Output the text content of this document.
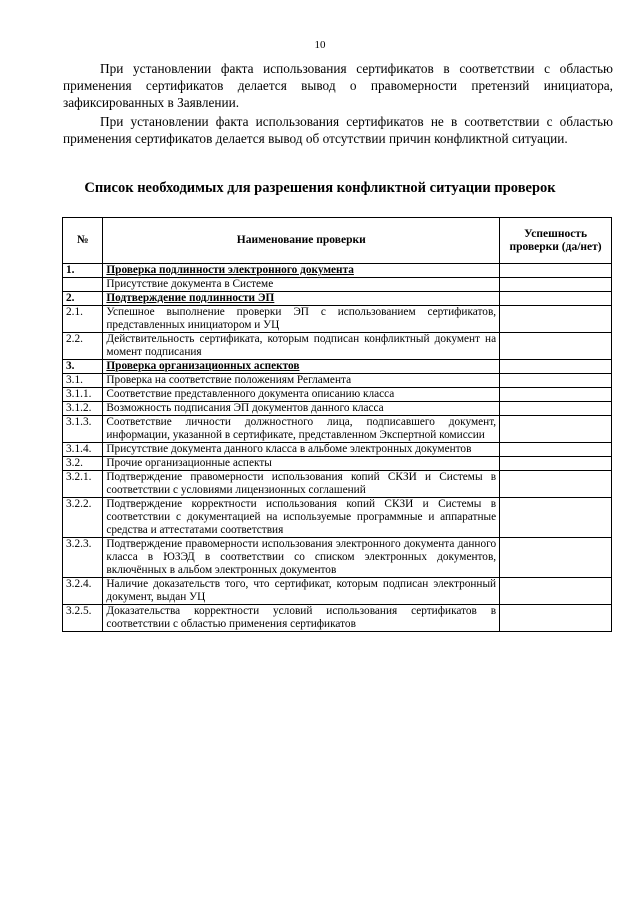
10

При установлении факта использования сертификатов в соответствии с областью применения сертификатов делается вывод о правомерности претензий инициатора, зафиксированных в Заявлении.

При установлении факта использования сертификатов не в соответствии с областью применения сертификатов делается вывод об отсутствии причин конфликтной ситуации.

Список необходимых для разрешения конфликтной ситуации проверок
№	Наименование проверки	Успешность проверки (да/нет)
1.	Проверка подлинности электронного документа	
	Присутствие документа в Системе	
2.	Подтверждение подлинности ЭП	
2.1.	Успешное выполнение проверки ЭП с использованием сертификатов, представленных инициатором и УЦ	
2.2.	Действительность сертификата, которым подписан конфликтный документ на момент подписания	
3.	Проверка организационных аспектов	
3.1.	Проверка на соответствие положениям Регламента	
3.1.1.	Соответствие представленного документа описанию класса	
3.1.2.	Возможность подписания ЭП документов данного класса	
3.1.3.	Соответствие личности должностного лица, подписавшего документ, информации, указанной в сертификате, представленном Экспертной комиссии	
3.1.4.	Присутствие документа данного класса в альбоме электронных документов	
3.2.	Прочие организационные аспекты	
3.2.1.	Подтверждение правомерности использования копий СКЗИ и Системы в соответствии с условиями лицензионных соглашений	
3.2.2.	Подтверждение корректности использования копий СКЗИ и Системы в соответствии с документацией на используемые программные и аппаратные средства и аттестатами соответствия	
3.2.3.	Подтверждение правомерности использования электронного документа данного класса в ЮЗЭД в соответствии со списком электронных документов, включённых в альбом электронных документов	
3.2.4.	Наличие доказательств того, что сертификат, которым подписан электронный документ, выдан УЦ	
3.2.5.	Доказательства корректности условий использования сертификатов в соответствии с областью применения сертификатов	
